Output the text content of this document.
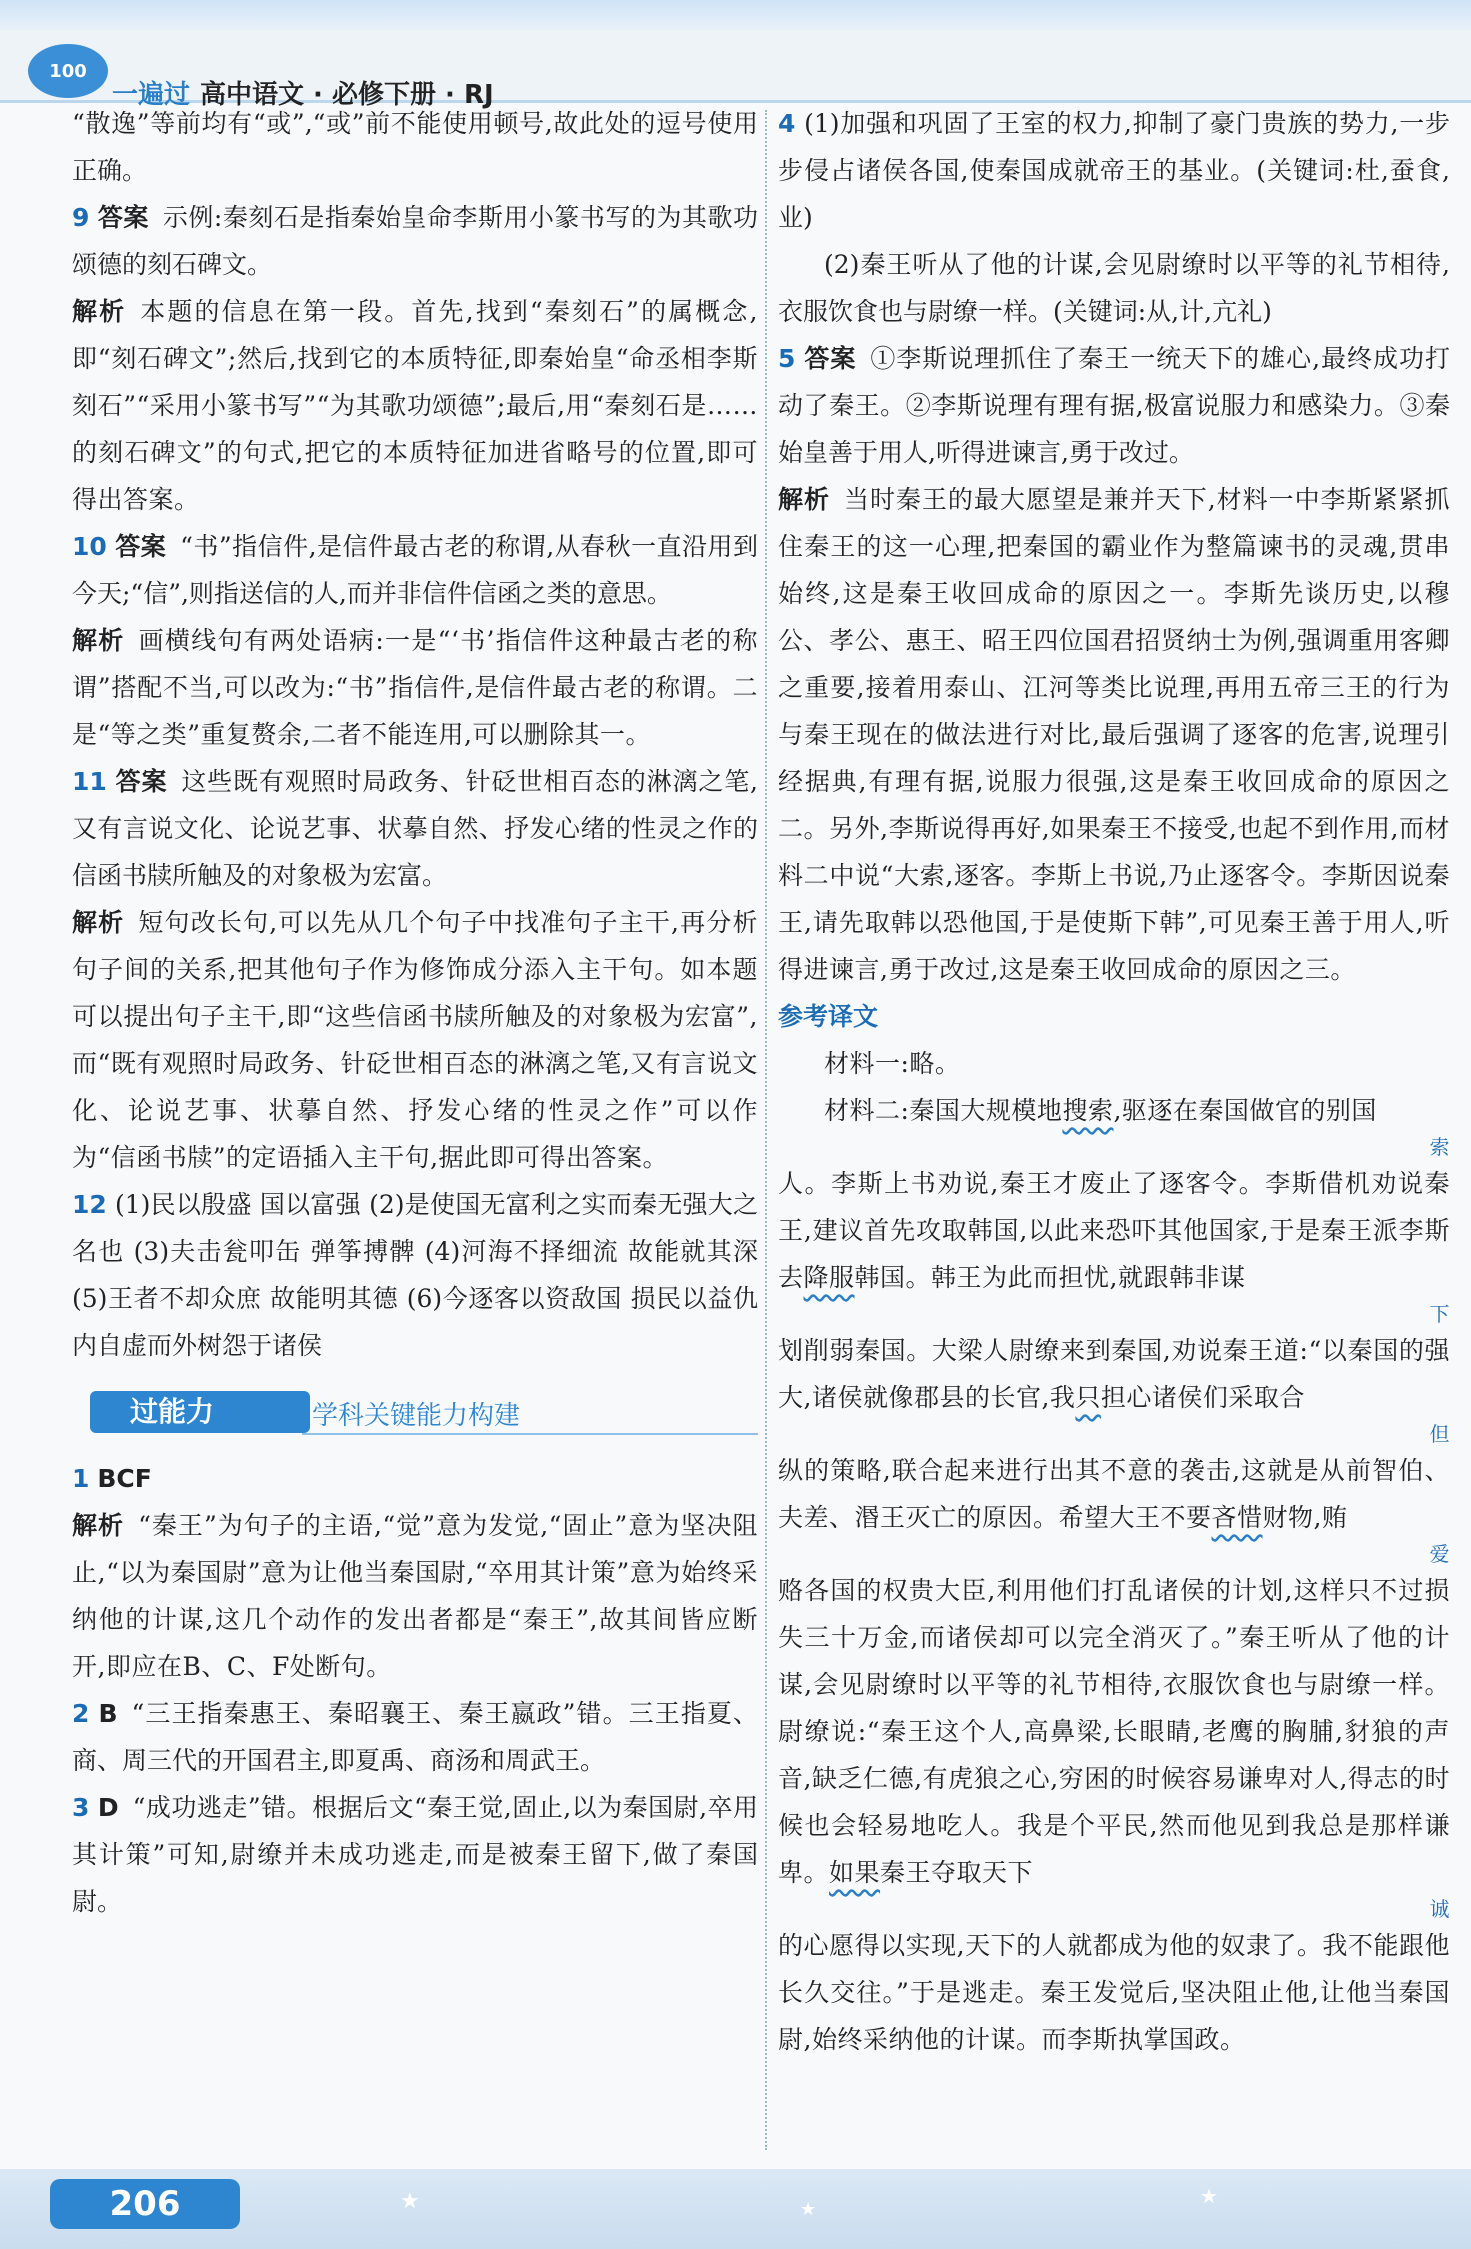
100
一遍过 高中语文 · 必修下册 · RJ

“散逸”等前均有“或”,“或”前不能使用顿号,故此处的逗号使用正确。

9 答案 示例:秦刻石是指秦始皇命李斯用小篆书写的为其歌功颂德的刻石碑文。

解析 本题的信息在第一段。首先,找到“秦刻石”的属概念,即“刻石碑文”;然后,找到它的本质特征,即秦始皇“命丞相李斯刻石”“采用小篆书写”“为其歌功颂德”;最后,用“秦刻石是……的刻石碑文”的句式,把它的本质特征加进省略号的位置,即可得出答案。

10 答案 “书”指信件,是信件最古老的称谓,从春秋一直沿用到今天;“信”,则指送信的人,而并非信件信函之类的意思。

解析 画横线句有两处语病:一是“‘书’指信件这种最古老的称谓”搭配不当,可以改为:“书”指信件,是信件最古老的称谓。二是“等之类”重复赘余,二者不能连用,可以删除其一。

11 答案 这些既有观照时局政务、针砭世相百态的淋漓之笔,又有言说文化、论说艺事、状摹自然、抒发心绪的性灵之作的信函书牍所触及的对象极为宏富。

解析 短句改长句,可以先从几个句子中找准句子主干,再分析句子间的关系,把其他句子作为修饰成分添入主干句。如本题可以提出句子主干,即“这些信函书牍所触及的对象极为宏富”,而“既有观照时局政务、针砭世相百态的淋漓之笔,又有言说文化、论说艺事、状摹自然、抒发心绪的性灵之作”可以作为“信函书牍”的定语插入主干句,据此即可得出答案。

12 (1)民以殷盛 国以富强 (2)是使国无富利之实而秦无强大之名也 (3)夫击瓮叩缶 弹筝搏髀 (4)河海不择细流 故能就其深 (5)王者不却众庶 故能明其德 (6)今逐客以资敌国 损民以益仇 内自虚而外树怨于诸侯

过能力	学科关键能力构建

1 BCF

解析 “秦王”为句子的主语,“觉”意为发觉,“固止”意为坚决阻止,“以为秦国尉”意为让他当秦国尉,“卒用其计策”意为始终采纳他的计谋,这几个动作的发出者都是“秦王”,故其间皆应断开,即应在B、C、F处断句。

2 B “三王指秦惠王、秦昭襄王、秦王嬴政”错。三王指夏、商、周三代的开国君主,即夏禹、商汤和周武王。

3 D “成功逃走”错。根据后文“秦王觉,固止,以为秦国尉,卒用其计策”可知,尉缭并未成功逃走,而是被秦王留下,做了秦国尉。

4 (1)加强和巩固了王室的权力,抑制了豪门贵族的势力,一步步侵占诸侯各国,使秦国成就帝王的基业。(关键词:杜,蚕食,业)

(2)秦王听从了他的计谋,会见尉缭时以平等的礼节相待,衣服饮食也与尉缭一样。(关键词:从,计,亢礼)

5 答案 ①李斯说理抓住了秦王一统天下的雄心,最终成功打动了秦王。②李斯说理有理有据,极富说服力和感染力。③秦始皇善于用人,听得进谏言,勇于改过。

解析 当时秦王的最大愿望是兼并天下,材料一中李斯紧紧抓住秦王的这一心理,把秦国的霸业作为整篇谏书的灵魂,贯串始终,这是秦王收回成命的原因之一。李斯先谈历史,以穆公、孝公、惠王、昭王四位国君招贤纳士为例,强调重用客卿之重要,接着用泰山、江河等类比说理,再用五帝三王的行为与秦王现在的做法进行对比,最后强调了逐客的危害,说理引经据典,有理有据,说服力很强,这是秦王收回成命的原因之二。另外,李斯说得再好,如果秦王不接受,也起不到作用,而材料二中说“大索,逐客。李斯上书说,乃止逐客令。李斯因说秦王,请先取韩以恐他国,于是使斯下韩”,可见秦王善于用人,听得进谏言,勇于改过,这是秦王收回成命的原因之三。

参考译文

材料一:略。

材料二:秦国大规模地搜索,驱逐在秦国做官的别国
索
人。李斯上书劝说,秦王才废止了逐客令。李斯借机劝说秦王,建议首先攻取韩国,以此来恐吓其他国家,于是秦王派李斯去降服韩国。韩王为此而担忧,就跟韩非谋
下
划削弱秦国。大梁人尉缭来到秦国,劝说秦王道:“以秦国的强大,诸侯就像郡县的长官,我只担心诸侯们采取合
但
纵的策略,联合起来进行出其不意的袭击,这就是从前智伯、夫差、湣王灭亡的原因。希望大王不要吝惜财物,贿
爱
赂各国的权贵大臣,利用他们打乱诸侯的计划,这样只不过损失三十万金,而诸侯却可以完全消灭了。”秦王听从了他的计谋,会见尉缭时以平等的礼节相待,衣服饮食也与尉缭一样。尉缭说:“秦王这个人,高鼻梁,长眼睛,老鹰的胸脯,豺狼的声音,缺乏仁德,有虎狼之心,穷困的时候容易谦卑对人,得志的时候也会轻易地吃人。我是个平民,然而他见到我总是那样谦卑。如果秦王夺取天下
诚
的心愿得以实现,天下的人就都成为他的奴隶了。我不能跟他长久交往。”于是逃走。秦王发觉后,坚决阻止他,让他当秦国尉,始终采纳他的计谋。而李斯执掌国政。

206	★	★
★
